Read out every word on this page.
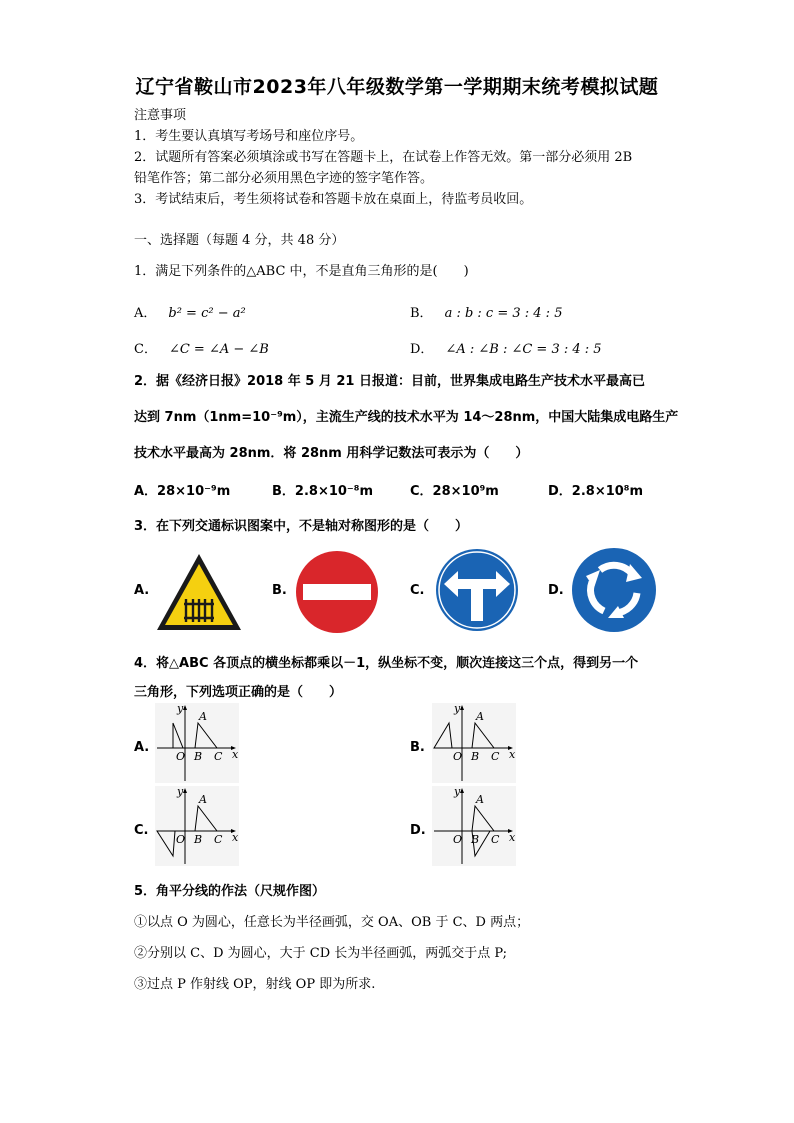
辽宁省鞍山市2023年八年级数学第一学期期末统考模拟试题
注意事项
1．考生要认真填写考场号和座位序号。
2．试题所有答案必须填涂或书写在答题卡上，在试卷上作答无效。第一部分必须用 2B
铅笔作答；第二部分必须用黑色字迹的签字笔作答。
3．考试结束后，考生须将试卷和答题卡放在桌面上，待监考员收回。
一、选择题（每题 4 分，共 48 分）
1．满足下列条件的△ABC 中，不是直角三角形的是(　　)
A． b² = c² − a²	B． a : b : c = 3 : 4 : 5
C． ∠C = ∠A − ∠B	D． ∠A : ∠B : ∠C = 3 : 4 : 5
2．据《经济日报》2018 年 5 月 21 日报道：目前，世界集成电路生产技术水平最高已
达到 7nm（1nm=10⁻⁹m），主流生产线的技术水平为 14～28nm，中国大陆集成电路生产
技术水平最高为 28nm．将 28nm 用科学记数法可表示为（　　）
A．28×10⁻⁹m	B．2.8×10⁻⁸m	C．28×10⁹m	D．2.8×10⁸m
3．在下列交通标识图案中，不是轴对称图形的是（　　）
A.	B.	C.	D.
4．将△ABC 各顶点的横坐标都乘以－1，纵坐标不变，顺次连接这三个点，得到另一个
三角形，下列选项正确的是（　　）
A.	B.
C.	D.
y
x
O
A
B C
y
x
O
A
B C
y
x
O
A
B C
y
x
O
A
B C
5．角平分线的作法（尺规作图）
①以点 O 为圆心，任意长为半径画弧，交 OA、OB 于 C、D 两点；
②分别以 C、D 为圆心，大于 CD 长为半径画弧，两弧交于点 P;
③过点 P 作射线 OP，射线 OP 即为所求.
